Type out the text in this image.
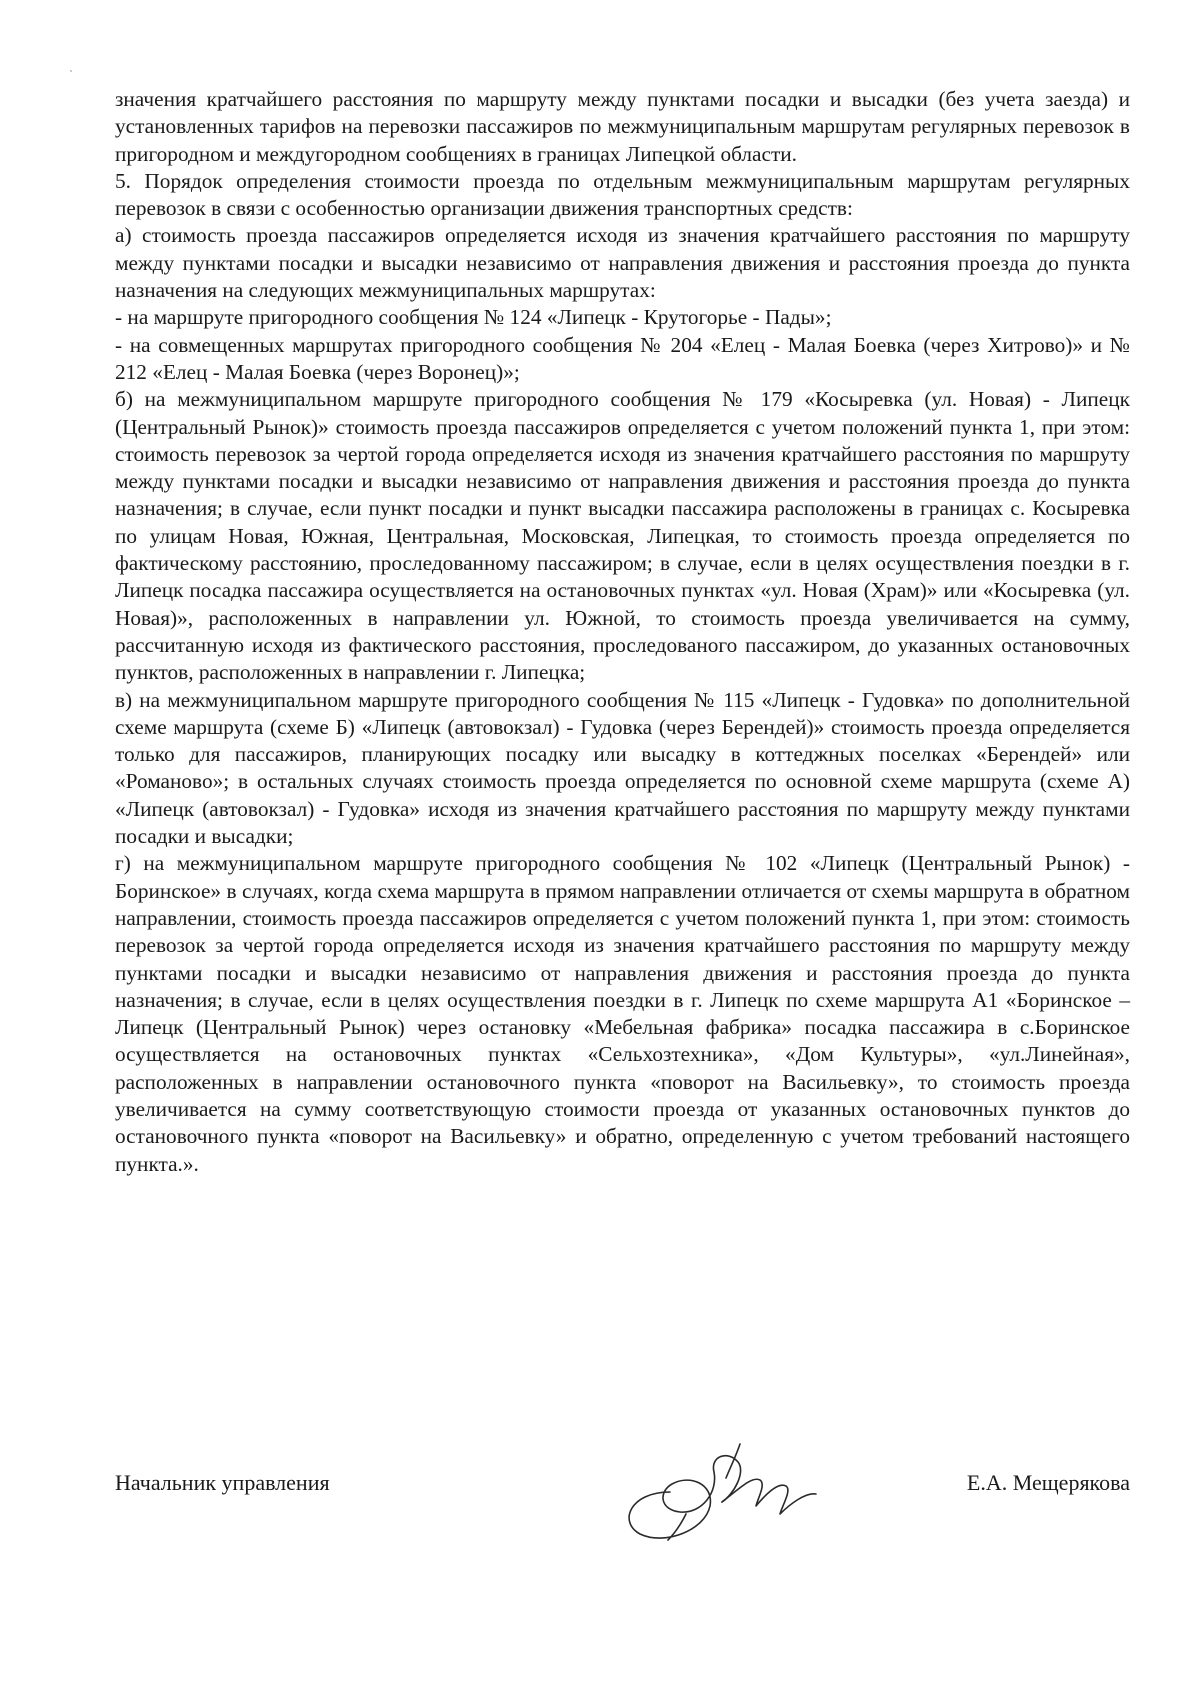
значения кратчайшего расстояния по маршруту между пунктами посадки и высадки (без учета заезда) и установленных тарифов на перевозки пассажиров по межмуниципальным маршрутам регулярных перевозок в пригородном и междугородном сообщениях в границах Липецкой области.

5. Порядок определения стоимости проезда по отдельным межмуниципальным маршрутам регулярных перевозок в связи с особенностью организации движения транспортных средств:

а) стоимость проезда пассажиров определяется исходя из значения кратчайшего расстояния по маршруту между пунктами посадки и высадки независимо от направления движения и расстояния проезда до пункта назначения на следующих межмуниципальных маршрутах:

- на маршруте пригородного сообщения № 124 «Липецк - Крутогорье - Пады»;

- на совмещенных маршрутах пригородного сообщения № 204 «Елец - Малая Боевка (через Хитрово)» и № 212 «Елец - Малая Боевка (через Воронец)»;

б) на межмуниципальном маршруте пригородного сообщения № 179 «Косыревка (ул. Новая) - Липецк (Центральный Рынок)» стоимость проезда пассажиров определяется с учетом положений пункта 1, при этом: стоимость перевозок за чертой города определяется исходя из значения кратчайшего расстояния по маршруту между пунктами посадки и высадки независимо от направления движения и расстояния проезда до пункта назначения; в случае, если пункт посадки и пункт высадки пассажира расположены в границах с. Косыревка по улицам Новая, Южная, Центральная, Московская, Липецкая, то стоимость проезда определяется по фактическому расстоянию, проследованному пассажиром; в случае, если в целях осуществления поездки в г. Липецк посадка пассажира осуществляется на остановочных пунктах «ул. Новая (Храм)» или «Косыревка (ул. Новая)», расположенных в направлении ул. Южной, то стоимость проезда увеличивается на сумму, рассчитанную исходя из фактического расстояния, проследованого пассажиром, до указанных остановочных пунктов, расположенных в направлении г. Липецка;

в) на межмуниципальном маршруте пригородного сообщения № 115 «Липецк - Гудовка» по дополнительной схеме маршрута (схеме Б) «Липецк (автовокзал) - Гудовка (через Берендей)» стоимость проезда определяется только для пассажиров, планирующих посадку или высадку в коттеджных поселках «Берендей» или «Романово»; в остальных случаях стоимость проезда определяется по основной схеме маршрута (схеме А) «Липецк (автовокзал) - Гудовка» исходя из значения кратчайшего расстояния по маршруту между пунктами посадки и высадки;

г) на межмуниципальном маршруте пригородного сообщения № 102 «Липецк (Центральный Рынок) - Боринское» в случаях, когда схема маршрута в прямом направлении отличается от схемы маршрута в обратном направлении, стоимость проезда пассажиров определяется с учетом положений пункта 1, при этом: стоимость перевозок за чертой города определяется исходя из значения кратчайшего расстояния по маршруту между пунктами посадки и высадки независимо от направления движения и расстояния проезда до пункта назначения; в случае, если в целях осуществления поездки в г. Липецк по схеме маршрута А1 «Боринское – Липецк (Центральный Рынок) через остановку «Мебельная фабрика» посадка пассажира в с.Боринское осуществляется на остановочных пунктах «Сельхозтехника», «Дом Культуры», «ул.Линейная», расположенных в направлении остановочного пункта «поворот на Васильевку», то стоимость проезда увеличивается на сумму соответствующую стоимости проезда от указанных остановочных пунктов до остановочного пункта «поворот на Васильевку» и обратно, определенную с учетом требований настоящего пункта.».

Начальник управления	Е.А. Мещерякова
